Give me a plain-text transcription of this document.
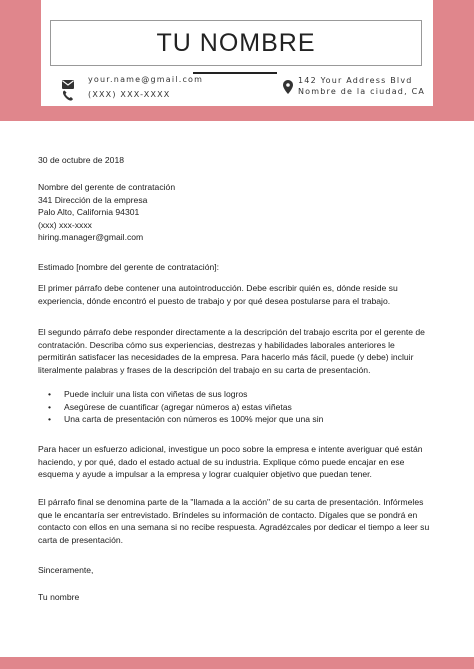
TU NOMBRE
your.name@gmail.com
(XXX) XXX-XXXX
142 Your Address Blvd
Nombre de la ciudad, CA
30 de octubre de 2018
Nombre del gerente de contratación
341 Dirección de la empresa
Palo Alto, California 94301
(xxx) xxx-xxxx
hiring.manager@gmail.com
Estimado [nombre del gerente de contratación]:
El primer párrafo debe contener una autointroducción. Debe escribir quién es, dónde reside su
experiencia, dónde encontró el puesto de trabajo y por qué desea postularse para el trabajo.
El segundo párrafo debe responder directamente a la descripción del trabajo escrita por el gerente de
contratación. Describa cómo sus experiencias, destrezas y habilidades laborales anteriores le
permitirán satisfacer las necesidades de la empresa. Para hacerlo más fácil, puede (y debe) incluir
literalmente palabras y frases de la descripción del trabajo en su carta de presentación.
• Puede incluir una lista con viñetas de sus logros
• Asegúrese de cuantificar (agregar números a) estas viñetas
• Una carta de presentación con números es 100% mejor que una sin
Para hacer un esfuerzo adicional, investigue un poco sobre la empresa e intente averiguar qué están
haciendo, y por qué, dado el estado actual de su industria. Explique cómo puede encajar en ese
esquema y ayude a impulsar a la empresa y lograr cualquier objetivo que puedan tener.
El párrafo final se denomina parte de la "llamada a la acción" de su carta de presentación. Infórmeles
que le encantaría ser entrevistado. Bríndeles su información de contacto. Dígales que se pondrá en
contacto con ellos en una semana si no recibe respuesta. Agradézcales por dedicar el tiempo a leer su
carta de presentación.
Sinceramente,
Tu nombre
